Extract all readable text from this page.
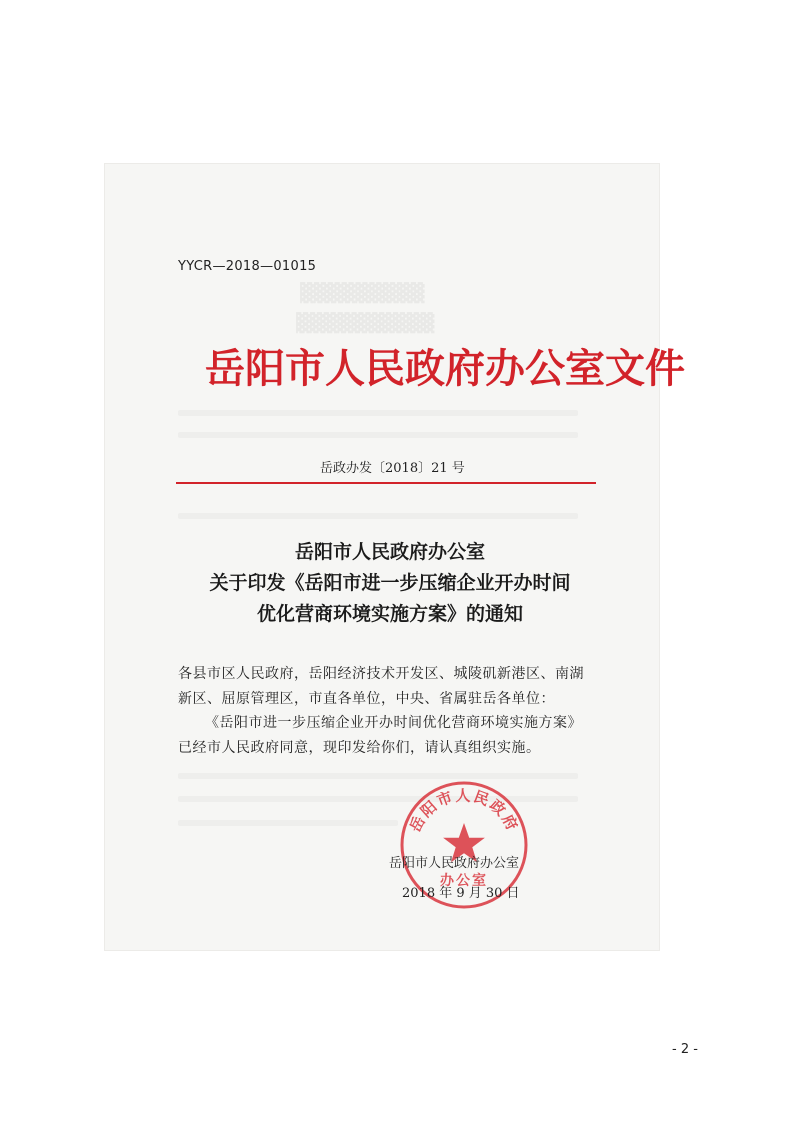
▓▓▓▓▓▓▓▓▓
▓▓▓▓▓▓▓▓▓▓
YYCR—2018—01015
岳阳市人民政府办公室文件
岳政办发〔2018〕21 号
岳阳市人民政府办公室
关于印发《岳阳市进一步压缩企业开办时间
优化营商环境实施方案》的通知
各县市区人民政府，岳阳经济技术开发区、城陵矶新港区、南湖
新区、屈原管理区，市直各单位，中央、省属驻岳各单位：
《岳阳市进一步压缩企业开办时间优化营商环境实施方案》
已经市人民政府同意，现印发给你们，请认真组织实施。
岳阳市人民政府
办公室
岳阳市人民政府办公室
2018 年 9 月 30 日
- 2 -
